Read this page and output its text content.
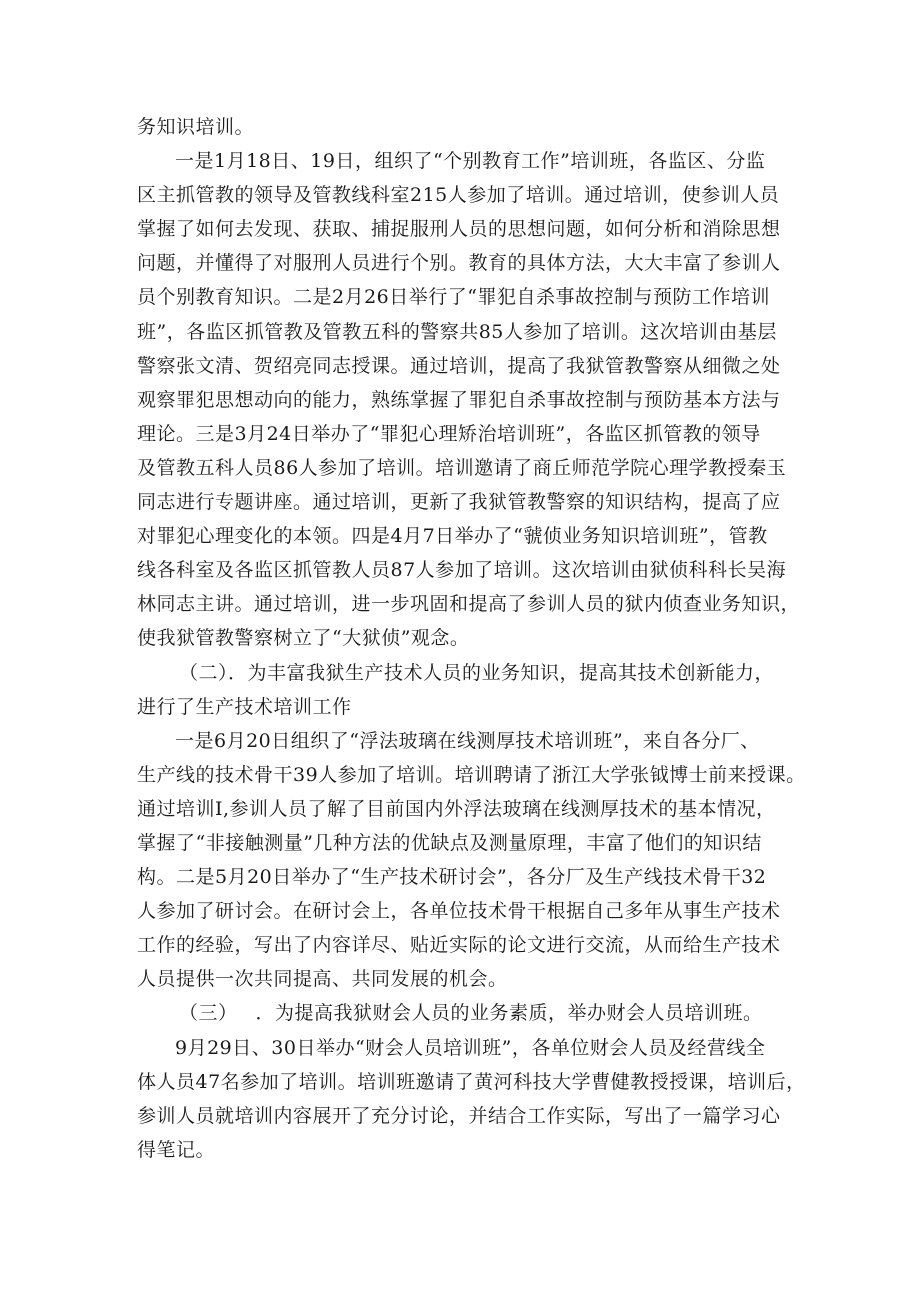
务知识培训。
一是1月18日、19日，组织了“个别教育工作”培训班，各监区、分监
区主抓管教的领导及管教线科室215人参加了培训。通过培训，使参训人员
掌握了如何去发现、获取、捕捉服刑人员的思想问题，如何分析和消除思想
问题，并懂得了对服刑人员进行个别。教育的具体方法，大大丰富了参训人
员个别教育知识。二是2月26日举行了“罪犯自杀事故控制与预防工作培训
班”，各监区抓管教及管教五科的警察共85人参加了培训。这次培训由基层
警察张文清、贺绍亮同志授课。通过培训，提高了我狱管教警察从细微之处
观察罪犯思想动向的能力，熟练掌握了罪犯自杀事故控制与预防基本方法与
理论。三是3月24日举办了“罪犯心理矫治培训班”，各监区抓管教的领导
及管教五科人员86人参加了培训。培训邀请了商丘师范学院心理学教授秦玉
同志进行专题讲座。通过培训，更新了我狱管教警察的知识结构，提高了应
对罪犯心理变化的本领。四是4月7日举办了“虢侦业务知识培训班”，管教
线各科室及各监区抓管教人员87人参加了培训。这次培训由狱侦科科长吴海
林同志主讲。通过培训，进一步巩固和提高了参训人员的狱内侦查业务知识，
使我狱管教警察树立了“大狱侦”观念。
（二）．为丰富我狱生产技术人员的业务知识，提高其技术创新能力，
进行了生产技术培训工作
一是6月20日组织了“浮法玻璃在线测厚技术培训班”，来自各分厂、
生产线的技术骨干39人参加了培训。培训聘请了浙江大学张钺博士前来授课。
通过培训I,参训人员了解了目前国内外浮法玻璃在线测厚技术的基本情况，
掌握了“非接触测量”几种方法的优缺点及测量原理，丰富了他们的知识结
构。二是5月20日举办了“生产技术研讨会”，各分厂及生产线技术骨干32
人参加了研讨会。在研讨会上，各单位技术骨干根据自己多年从事生产技术
工作的经验，写出了内容详尽、贴近实际的论文进行交流，从而给生产技术
人员提供一次共同提高、共同发展的机会。
（三） ．为提高我狱财会人员的业务素质，举办财会人员培训班。
9月29日、30日举办“财会人员培训班”，各单位财会人员及经营线全
体人员47名参加了培训。培训班邀请了黄河科技大学曹健教授授课，培训后，
参训人员就培训内容展开了充分讨论，并结合工作实际，写出了一篇学习心
得笔记。
